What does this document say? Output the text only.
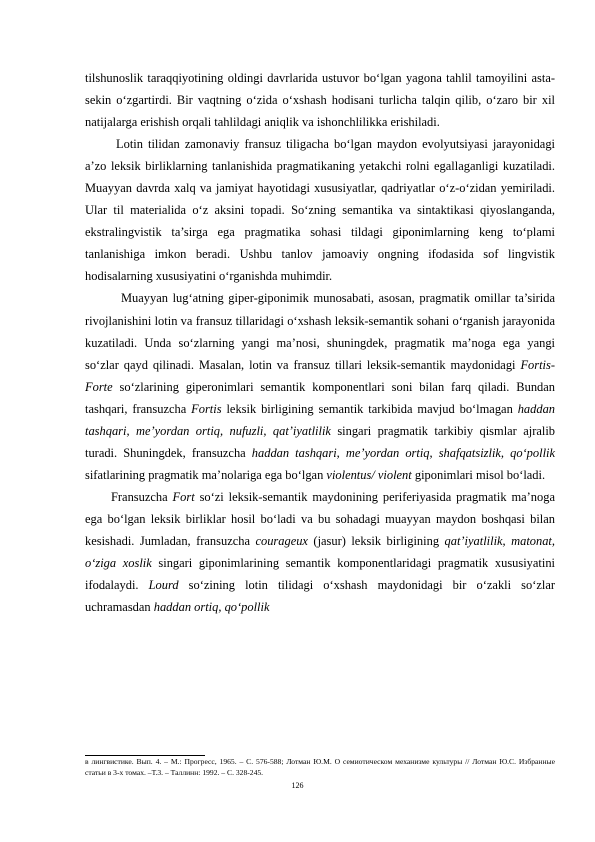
tilshunoslik taraqqiyotining oldingi davrlarida ustuvor bo‘lgan yagona tahlil tamoyilini asta-sekin o‘zgartirdi. Bir vaqtning o‘zida o‘xshash hodisani turlicha talqin qilib, o‘zaro bir xil natijalarga erishish orqali tahlildagi aniqlik va ishonchlilikka erishiladi.

Lotin tilidan zamonaviy fransuz tiligacha bo‘lgan maydon evolyutsiyasi jarayonidagi a’zo leksik birliklarning tanlanishida pragmatikaning yetakchi rolni egallaganligi kuzatiladi. Muayyan davrda xalq va jamiyat hayotidagi xususiyatlar, qadriyatlar o‘z-o‘zidan yemiriladi. Ular til materialida o‘z aksini topadi. So‘zning semantika va sintaktikasi qiyoslanganda, ekstralingvistik ta’sirga ega pragmatika sohasi tildagi giponimlarning keng to‘plami tanlanishiga imkon beradi. Ushbu tanlov jamoaviy ongning ifodasida sof lingvistik hodisalarning xususiyatini o‘rganishda muhimdir.

Muayyan lug‘atning giper-giponimik munosabati, asosan, pragmatik omillar ta’sirida rivojlanishini lotin va fransuz tillaridagi o‘xshash leksik-semantik sohani o‘rganish jarayonida kuzatiladi. Unda so‘zlarning yangi ma’nosi, shuningdek, pragmatik ma’noga ega yangi so‘zlar qayd qilinadi. Masalan, lotin va fransuz tillari leksik-semantik maydonidagi Fortis-Forte so‘zlarining giperonimlari semantik komponentlari soni bilan farq qiladi. Bundan tashqari, fransuzcha Fortis leksik birligining semantik tarkibida mavjud bo‘lmagan haddan tashqari, me’yordan ortiq, nufuzli, qat’iyatlilik singari pragmatik tarkibiy qismlar ajralib turadi. Shuningdek, fransuzcha haddan tashqari, me’yordan ortiq, shafqatsizlik, qo‘pollik sifatlarining pragmatik ma’nolariga ega bo‘lgan violentus/ violent giponimlari misol bo‘ladi.

Fransuzcha Fort so‘zi leksik-semantik maydonining periferiyasida pragmatik ma’noga ega bo‘lgan leksik birliklar hosil bo‘ladi va bu sohadagi muayyan maydon boshqasi bilan kesishadi. Jumladan, fransuzcha courageux (jasur) leksik birligining qat’iyatlilik, matonat, o‘ziga xoslik singari giponimlarining semantik komponentlaridagi pragmatik xususiyatini ifodalaydi. Lourd so‘zining lotin tilidagi o‘xshash maydonidagi bir o‘zakli so‘zlar uchramasdan haddan ortiq, qo‘pollik

в лингвистике. Вып. 4. – М.: Прогресс, 1965. – С. 576-588; Лотман Ю.М. О семиотическом механизме культуры // Лотман Ю.С. Избранные статьи в 3-х томах. –Т.3. – Таллинн: 1992. – С. 328-245.

126
